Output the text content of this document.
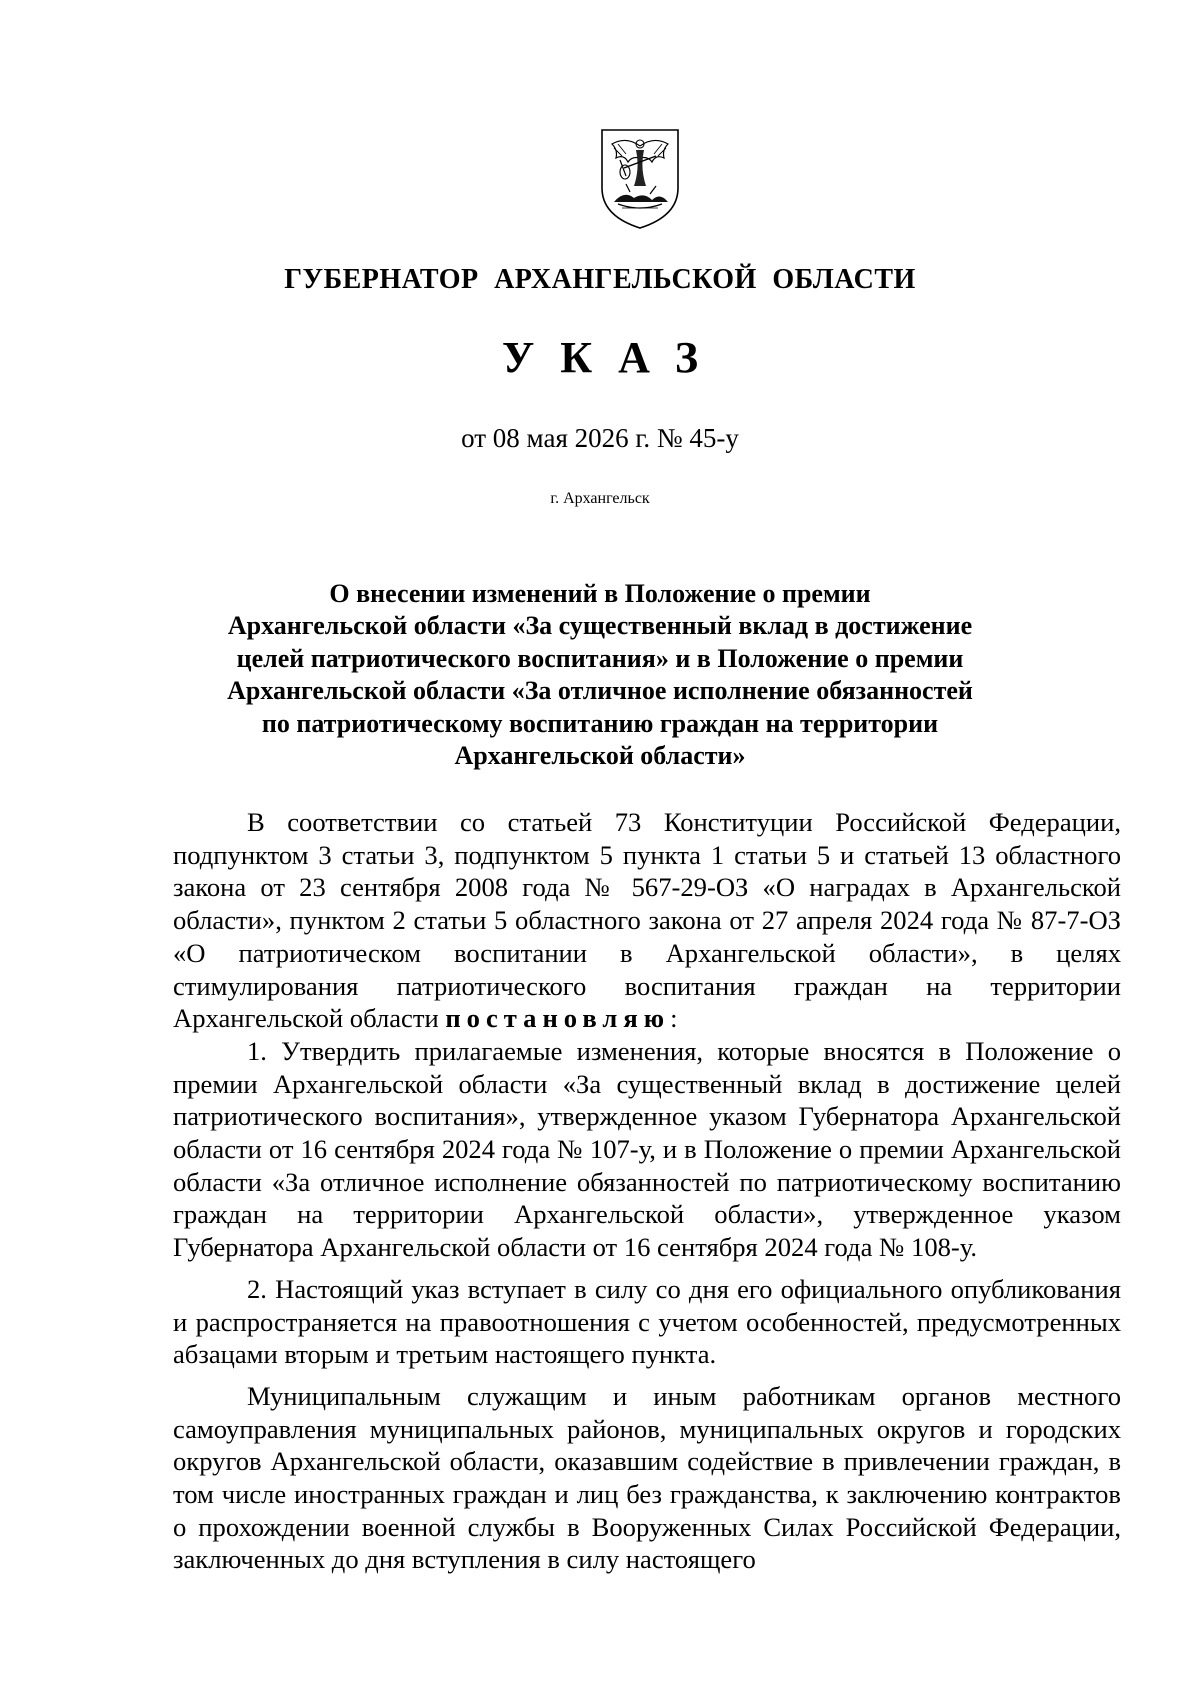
ГУБЕРНАТОР АРХАНГЕЛЬСКОЙ ОБЛАСТИ
УКАЗ
от 08 мая 2026 г. № 45-у
г. Архангельск
О внесении изменений в Положение о премии
Архангельской области «За существенный вклад в достижение
целей патриотического воспитания» и в Положение о премии
Архангельской области «За отличное исполнение обязанностей
по патриотическому воспитанию граждан на территории
Архангельской области»

В соответствии со статьей 73 Конституции Российской Федерации, подпунктом 3 статьи 3, подпунктом 5 пункта 1 статьи 5 и статьей 13 областного закона от 23 сентября 2008 года № 567-29-ОЗ «О наградах в Архангельской области», пунктом 2 статьи 5 областного закона от 27 апреля 2024 года № 87-7-ОЗ «О патриотическом воспитании в Архангельской области», в целях стимулирования патриотического воспитания граждан на территории Архангельской области постановляю:

1. Утвердить прилагаемые изменения, которые вносятся в Положение о премии Архангельской области «За существенный вклад в достижение целей патриотического воспитания», утвержденное указом Губернатора Архангельской области от 16 сентября 2024 года № 107-у, и в Положение о премии Архангельской области «За отличное исполнение обязанностей по патриотическому воспитанию граждан на территории Архангельской области», утвержденное указом Губернатора Архангельской области от 16 сентября 2024 года № 108-у.

2. Настоящий указ вступает в силу со дня его официального опубликования и распространяется на правоотношения с учетом особенностей, предусмотренных абзацами вторым и третьим настоящего пункта.

Муниципальным служащим и иным работникам органов местного самоуправления муниципальных районов, муниципальных округов и городских округов Архангельской области, оказавшим содействие в привлечении граждан, в том числе иностранных граждан и лиц без гражданства, к заключению контрактов о прохождении военной службы в Вооруженных Силах Российской Федерации, заключенных до дня вступления в силу настоящего
